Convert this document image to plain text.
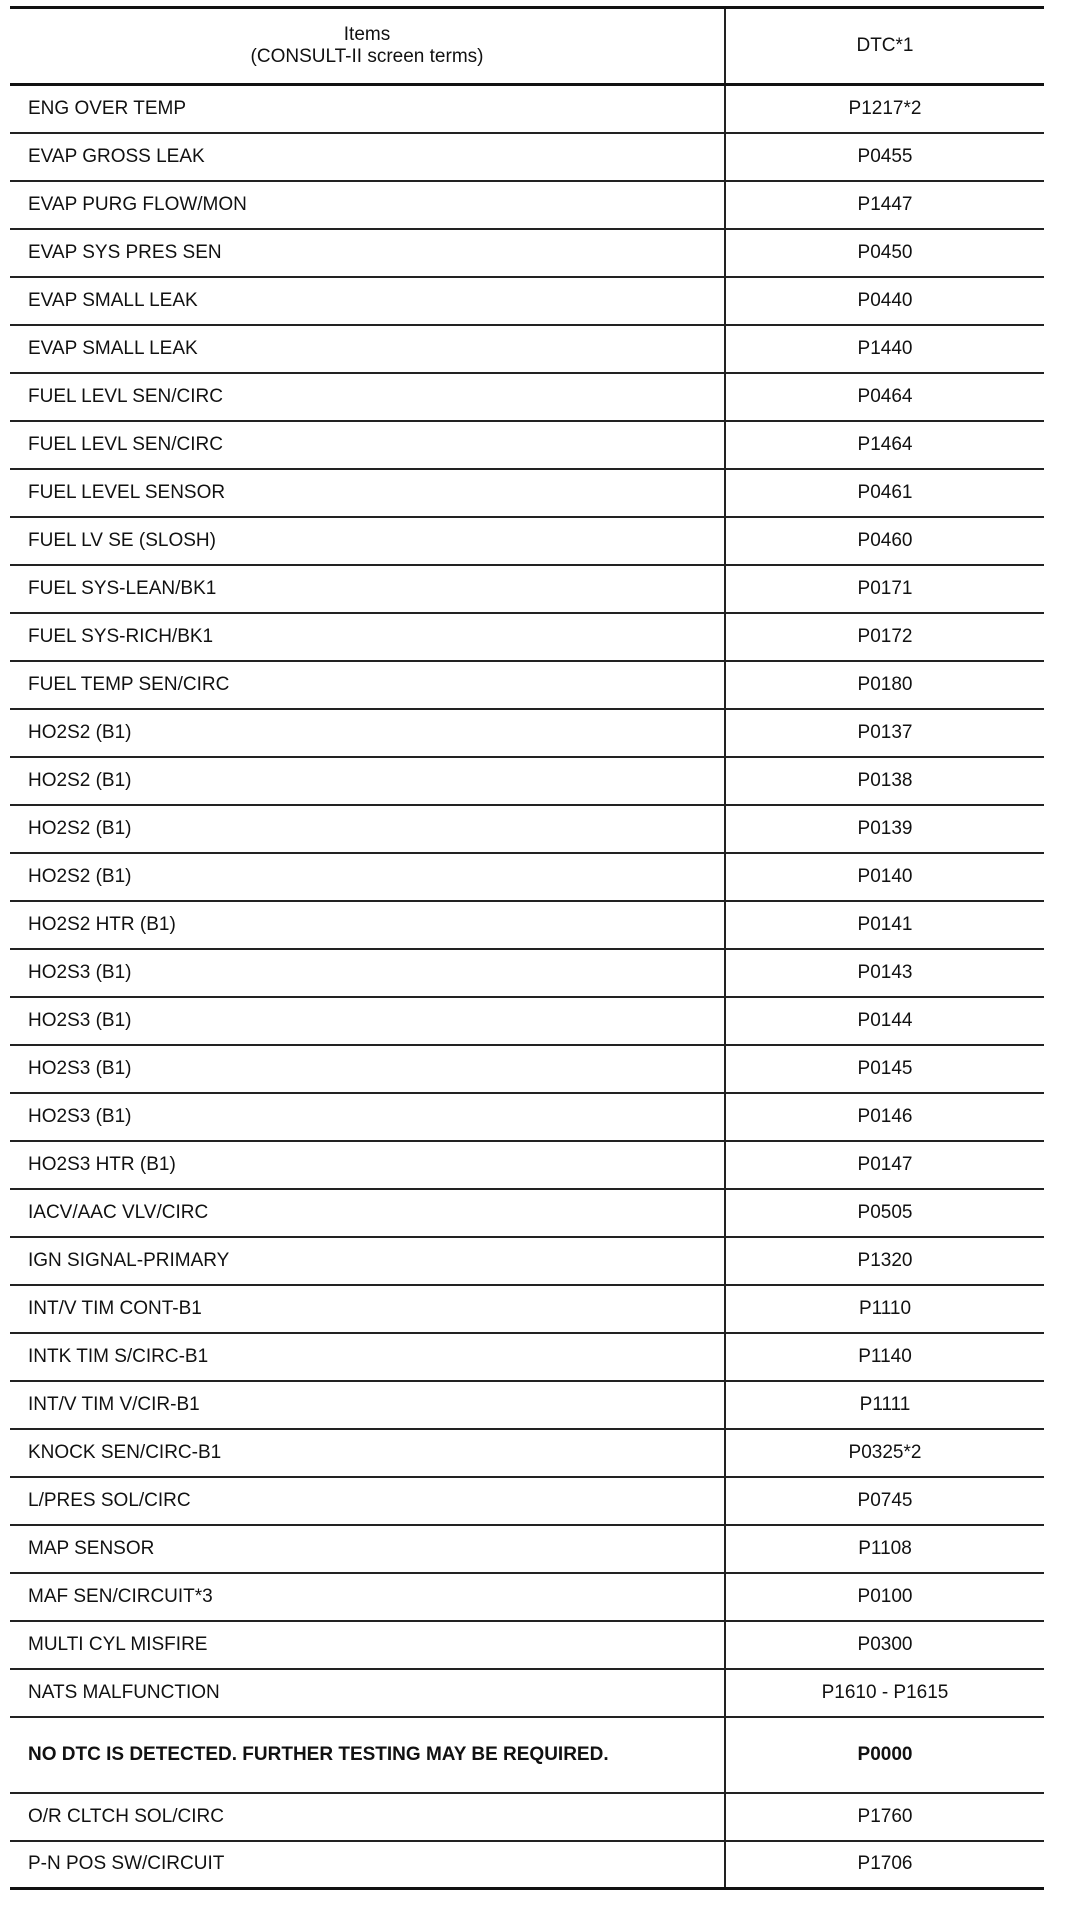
Items
(CONSULT-II screen terms)	DTC*1
ENG OVER TEMP	P1217*2
EVAP GROSS LEAK	P0455
EVAP PURG FLOW/MON	P1447
EVAP SYS PRES SEN	P0450
EVAP SMALL LEAK	P0440
EVAP SMALL LEAK	P1440
FUEL LEVL SEN/CIRC	P0464
FUEL LEVL SEN/CIRC	P1464
FUEL LEVEL SENSOR	P0461
FUEL LV SE (SLOSH)	P0460
FUEL SYS-LEAN/BK1	P0171
FUEL SYS-RICH/BK1	P0172
FUEL TEMP SEN/CIRC	P0180
HO2S2 (B1)	P0137
HO2S2 (B1)	P0138
HO2S2 (B1)	P0139
HO2S2 (B1)	P0140
HO2S2 HTR (B1)	P0141
HO2S3 (B1)	P0143
HO2S3 (B1)	P0144
HO2S3 (B1)	P0145
HO2S3 (B1)	P0146
HO2S3 HTR (B1)	P0147
IACV/AAC VLV/CIRC	P0505
IGN SIGNAL-PRIMARY	P1320
INT/V TIM CONT-B1	P1110
INTK TIM S/CIRC-B1	P1140
INT/V TIM V/CIR-B1	P1111
KNOCK SEN/CIRC-B1	P0325*2
L/PRES SOL/CIRC	P0745
MAP SENSOR	P1108
MAF SEN/CIRCUIT*3	P0100
MULTI CYL MISFIRE	P0300
NATS MALFUNCTION	P1610 - P1615
NO DTC IS DETECTED. FURTHER TESTING MAY BE REQUIRED.	P0000
O/R CLTCH SOL/CIRC	P1760
P-N POS SW/CIRCUIT	P1706
